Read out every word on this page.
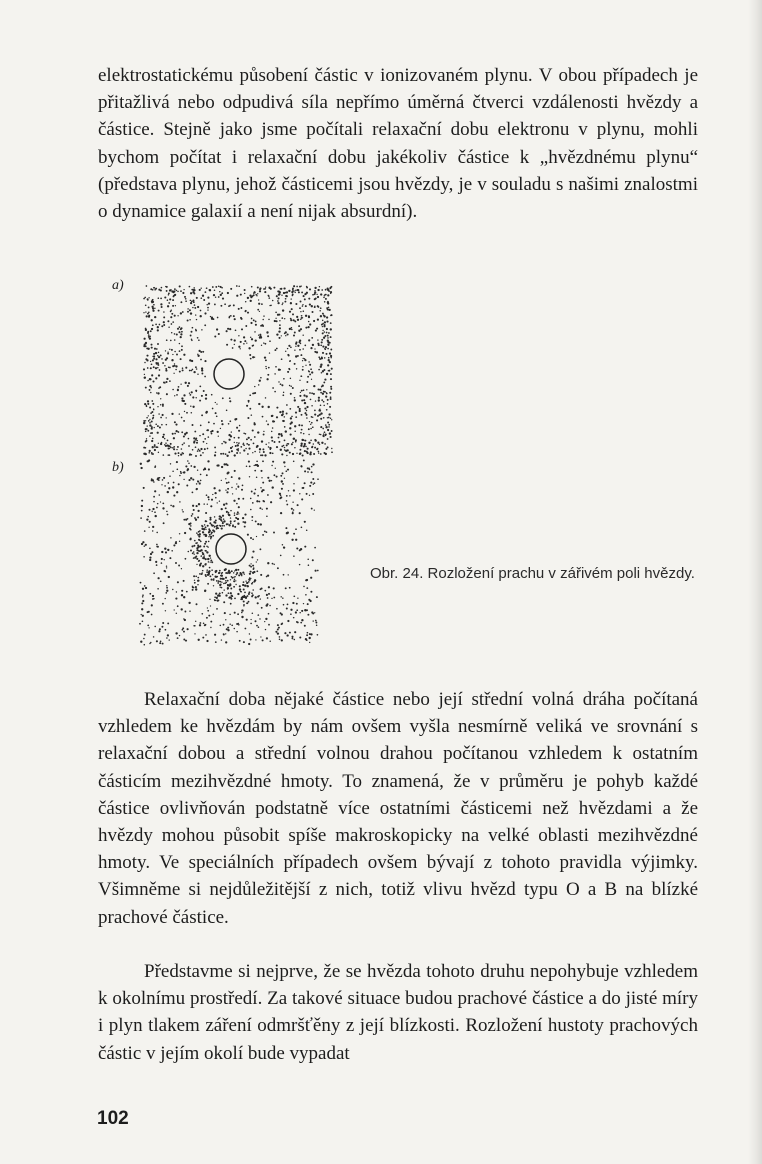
elektrostatickému působení částic v ionizovaném plynu. V obou případech je přitažlivá nebo odpudivá síla nepřímo úměrná čtverci vzdálenosti hvězdy a částice. Stejně jako jsme počítali relaxační dobu elektronu v plynu, mohli bychom počítat i relaxační dobu jakékoliv částice k „hvězdnému plynu“ (představa plynu, jehož částicemi jsou hvězdy, je v souladu s našimi znalostmi o dynamice galaxií a není nijak absurdní).

a)
b)

Obr. 24. Rozložení prachu v zářivém poli hvězdy.

Relaxační doba nějaké částice nebo její střední volná dráha počítaná vzhledem ke hvězdám by nám ovšem vyšla nesmírně veliká ve srovnání s relaxační dobou a střední volnou drahou počítanou vzhledem k ostatním částicím mezihvězdné hmoty. To znamená, že v průměru je pohyb každé částice ovlivňován podstatně více ostatními částicemi než hvězdami a že hvězdy mohou působit spíše makroskopicky na velké oblasti mezihvězdné hmoty. Ve speciálních případech ovšem bývají z tohoto pravidla výjimky. Všimněme si nejdůležitější z nich, totiž vlivu hvězd typu O a B na blízké prachové částice.

Představme si nejprve, že se hvězda tohoto druhu nepohybuje vzhledem k okolnímu prostředí. Za takové situace budou prachové částice a do jisté míry i plyn tlakem záření odmršťěny z její blízkosti. Rozložení hustoty prachových částic v jejím okolí bude vypadat

102
